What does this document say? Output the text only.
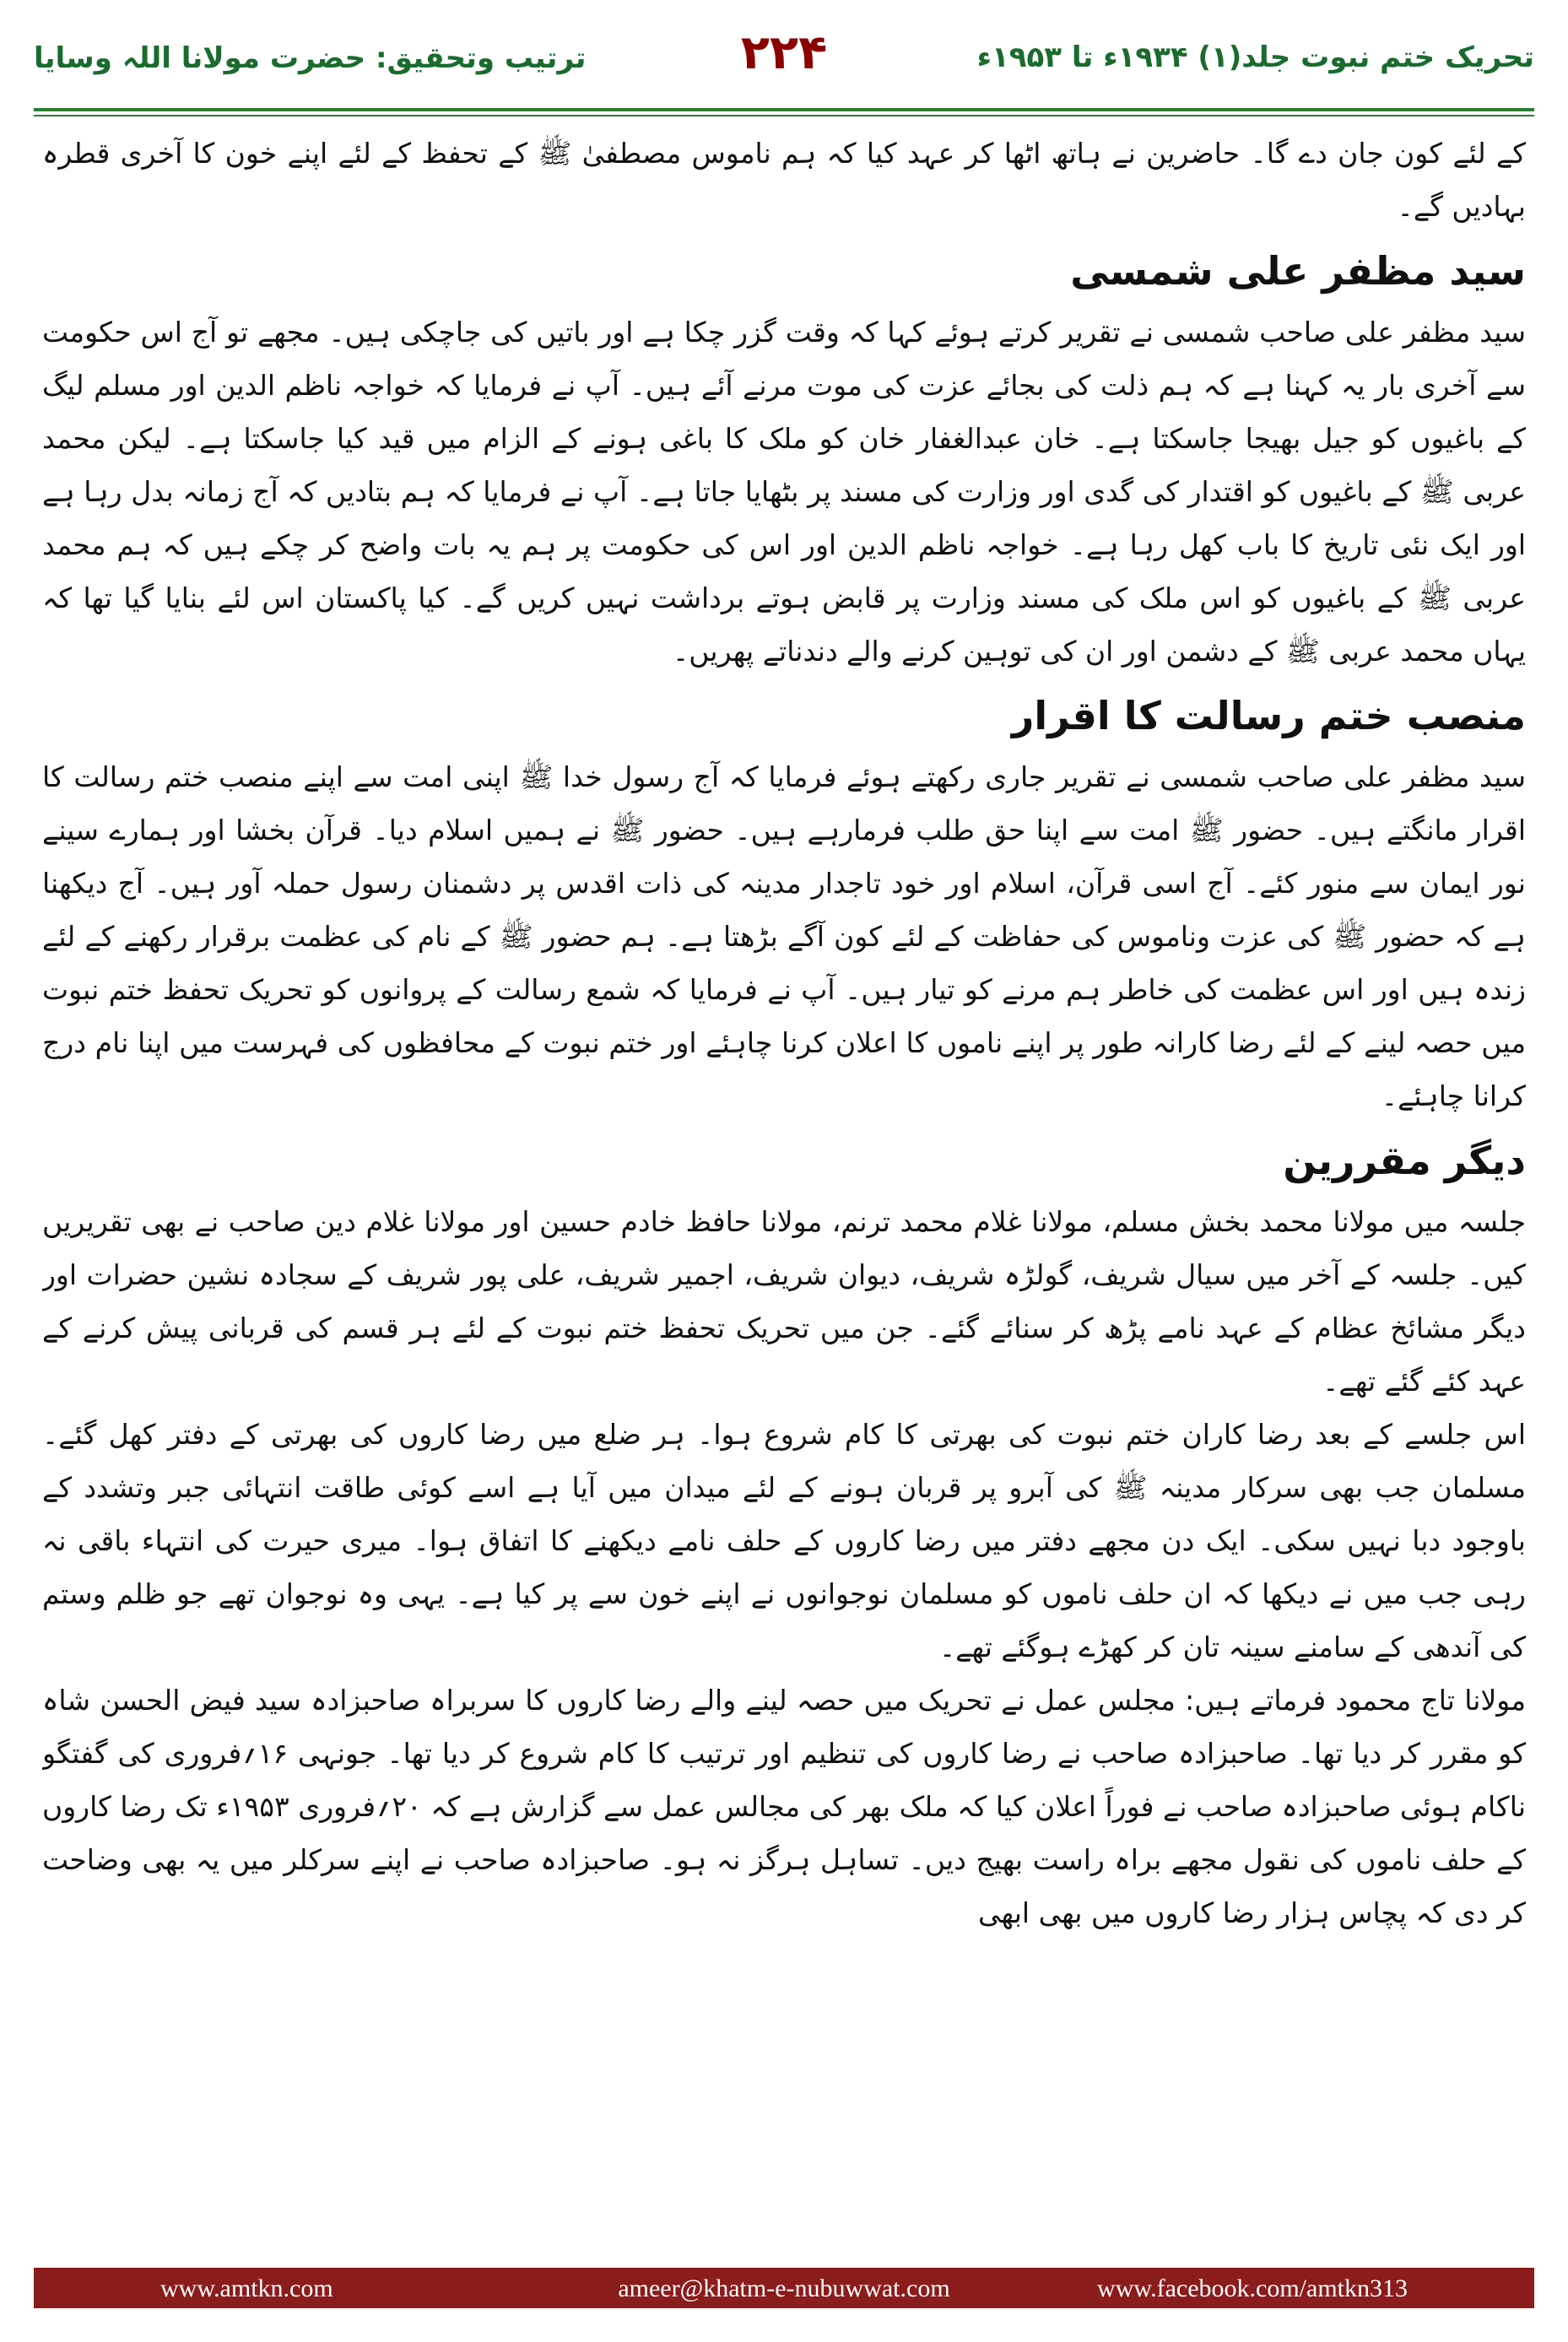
تحریک ختم نبوت جلد(۱) ۱۹۳۴ء تا ۱۹۵۳ء
۲۲۴
ترتیب وتحقیق: حضرت مولانا اللہ وسایا

کے لئے کون جان دے گا۔ حاضرین نے ہاتھ اٹھا کر عہد کیا کہ ہم ناموس مصطفیٰ ﷺ کے تحفظ کے لئے اپنے خون کا آخری قطرہ بہادیں گے۔

سید مظفر علی شمسی

سید مظفر علی صاحب شمسی نے تقریر کرتے ہوئے کہا کہ وقت گزر چکا ہے اور باتیں کی جاچکی ہیں۔ مجھے تو آج اس حکومت سے آخری بار یہ کہنا ہے کہ ہم ذلت کی بجائے عزت کی موت مرنے آئے ہیں۔ آپ نے فرمایا کہ خواجہ ناظم الدین اور مسلم لیگ کے باغیوں کو جیل بھیجا جاسکتا ہے۔ خان عبدالغفار خان کو ملک کا باغی ہونے کے الزام میں قید کیا جاسکتا ہے۔ لیکن محمد عربی ﷺ کے باغیوں کو اقتدار کی گدی اور وزارت کی مسند پر بٹھایا جاتا ہے۔ آپ نے فرمایا کہ ہم بتادیں کہ آج زمانہ بدل رہا ہے اور ایک نئی تاریخ کا باب کھل رہا ہے۔ خواجہ ناظم الدین اور اس کی حکومت پر ہم یہ بات واضح کر چکے ہیں کہ ہم محمد عربی ﷺ کے باغیوں کو اس ملک کی مسند وزارت پر قابض ہوتے برداشت نہیں کریں گے۔ کیا پاکستان اس لئے بنایا گیا تھا کہ یہاں محمد عربی ﷺ کے دشمن اور ان کی توہین کرنے والے دندناتے پھریں۔

منصب ختم رسالت کا اقرار

سید مظفر علی صاحب شمسی نے تقریر جاری رکھتے ہوئے فرمایا کہ آج رسول خدا ﷺ اپنی امت سے اپنے منصب ختم رسالت کا اقرار مانگتے ہیں۔ حضور ﷺ امت سے اپنا حق طلب فرمارہے ہیں۔ حضور ﷺ نے ہمیں اسلام دیا۔ قرآن بخشا اور ہمارے سینے نور ایمان سے منور کئے۔ آج اسی قرآن، اسلام اور خود تاجدار مدینہ کی ذات اقدس پر دشمنان رسول حملہ آور ہیں۔ آج دیکھنا ہے کہ حضور ﷺ کی عزت وناموس کی حفاظت کے لئے کون آگے بڑھتا ہے۔ ہم حضور ﷺ کے نام کی عظمت برقرار رکھنے کے لئے زندہ ہیں اور اس عظمت کی خاطر ہم مرنے کو تیار ہیں۔ آپ نے فرمایا کہ شمع رسالت کے پروانوں کو تحریک تحفظ ختم نبوت میں حصہ لینے کے لئے رضا کارانہ طور پر اپنے ناموں کا اعلان کرنا چاہئے اور ختم نبوت کے محافظوں کی فہرست میں اپنا نام درج کرانا چاہئے۔

دیگر مقررین

جلسہ میں مولانا محمد بخش مسلم، مولانا غلام محمد ترنم، مولانا حافظ خادم حسین اور مولانا غلام دین صاحب نے بھی تقریریں کیں۔ جلسہ کے آخر میں سیال شریف، گولڑہ شریف، دیوان شریف، اجمیر شریف، علی پور شریف کے سجادہ نشین حضرات اور دیگر مشائخ عظام کے عہد نامے پڑھ کر سنائے گئے۔ جن میں تحریک تحفظ ختم نبوت کے لئے ہر قسم کی قربانی پیش کرنے کے عہد کئے گئے تھے۔

اس جلسے کے بعد رضا کاران ختم نبوت کی بھرتی کا کام شروع ہوا۔ ہر ضلع میں رضا کاروں کی بھرتی کے دفتر کھل گئے۔ مسلمان جب بھی سرکار مدینہ ﷺ کی آبرو پر قربان ہونے کے لئے میدان میں آیا ہے اسے کوئی طاقت انتہائی جبر وتشدد کے باوجود دبا نہیں سکی۔ ایک دن مجھے دفتر میں رضا کاروں کے حلف نامے دیکھنے کا اتفاق ہوا۔ میری حیرت کی انتہاء باقی نہ رہی جب میں نے دیکھا کہ ان حلف ناموں کو مسلمان نوجوانوں نے اپنے خون سے پر کیا ہے۔ یہی وہ نوجوان تھے جو ظلم وستم کی آندھی کے سامنے سینہ تان کر کھڑے ہوگئے تھے۔

مولانا تاج محمود فرماتے ہیں: مجلس عمل نے تحریک میں حصہ لینے والے رضا کاروں کا سربراہ صاحبزادہ سید فیض الحسن شاہ کو مقرر کر دیا تھا۔ صاحبزادہ صاحب نے رضا کاروں کی تنظیم اور ترتیب کا کام شروع کر دیا تھا۔ جونہی ۱۶؍فروری کی گفتگو ناکام ہوئی صاحبزادہ صاحب نے فوراً اعلان کیا کہ ملک بھر کی مجالس عمل سے گزارش ہے کہ ۲۰؍فروری ۱۹۵۳ء تک رضا کاروں کے حلف ناموں کی نقول مجھے براہ راست بھیج دیں۔ تساہل ہرگز نہ ہو۔ صاحبزادہ صاحب نے اپنے سرکلر میں یہ بھی وضاحت کر دی کہ پچاس ہزار رضا کاروں میں بھی ابھی

www.amtkn.com	ameer@khatm-e-nubuwwat.com	www.facebook.com/amtkn313
